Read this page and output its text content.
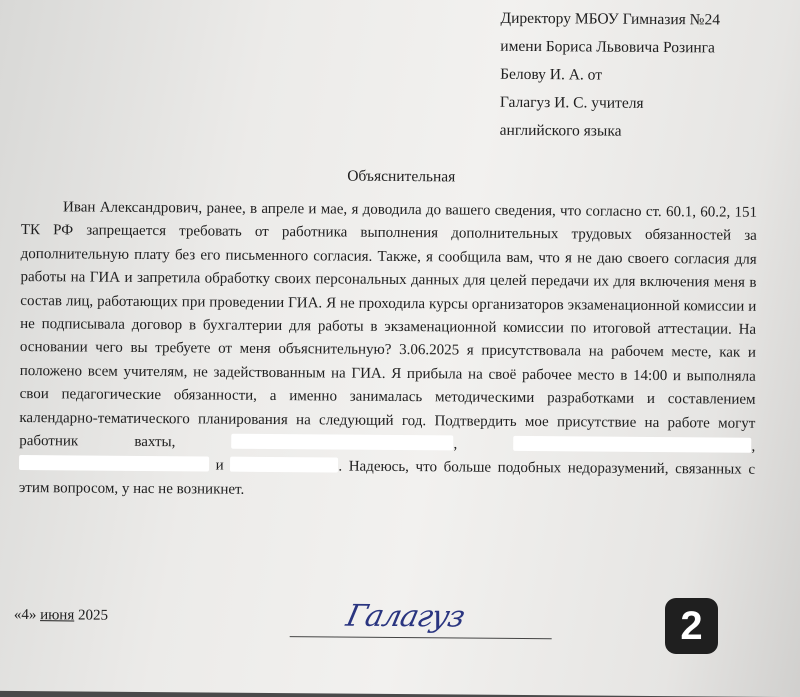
Директору МБОУ Гимназия №24
имени Бориса Львовича Розинга
Белову И. А. от
Галагуз И. С. учителя
английского языка
Объяснительная

Иван Александрович, ранее, в апреле и мае, я доводила до вашего сведения, что согласно ст. 60.1, 60.2, 151 ТК РФ запрещается требовать от работника выполнения дополнительных трудовых обязанностей за дополнительную плату без его письменного согласия. Также, я сообщила вам, что я не даю своего согласия для работы на ГИА и запретила обработку своих персональных данных для целей передачи их для включения меня в состав лиц, работающих при проведении ГИА. Я не проходила курсы организаторов экзаменационной комиссии и не подписывала договор в бухгалтерии для работы в экзаменационной комиссии по итоговой аттестации. На основании чего вы требуете от меня объяснительную? 3.06.2025 я присутствовала на рабочем месте, как и положено всем учителям, не задействованным на ГИА. Я прибыла на своё рабочее место в 14:00 и выполняла свои педагогические обязанности, а именно занималась методическими разработками и составлением календарно-тематического планирования на следующий год. Подтвердить мое присутствие на работе могут работник вахты,	,	,  и	. Надеюсь, что больше подобных недоразумений, связанных с этим вопросом, у нас не возникнет.

«4» июня 2025	Галагуз	2
